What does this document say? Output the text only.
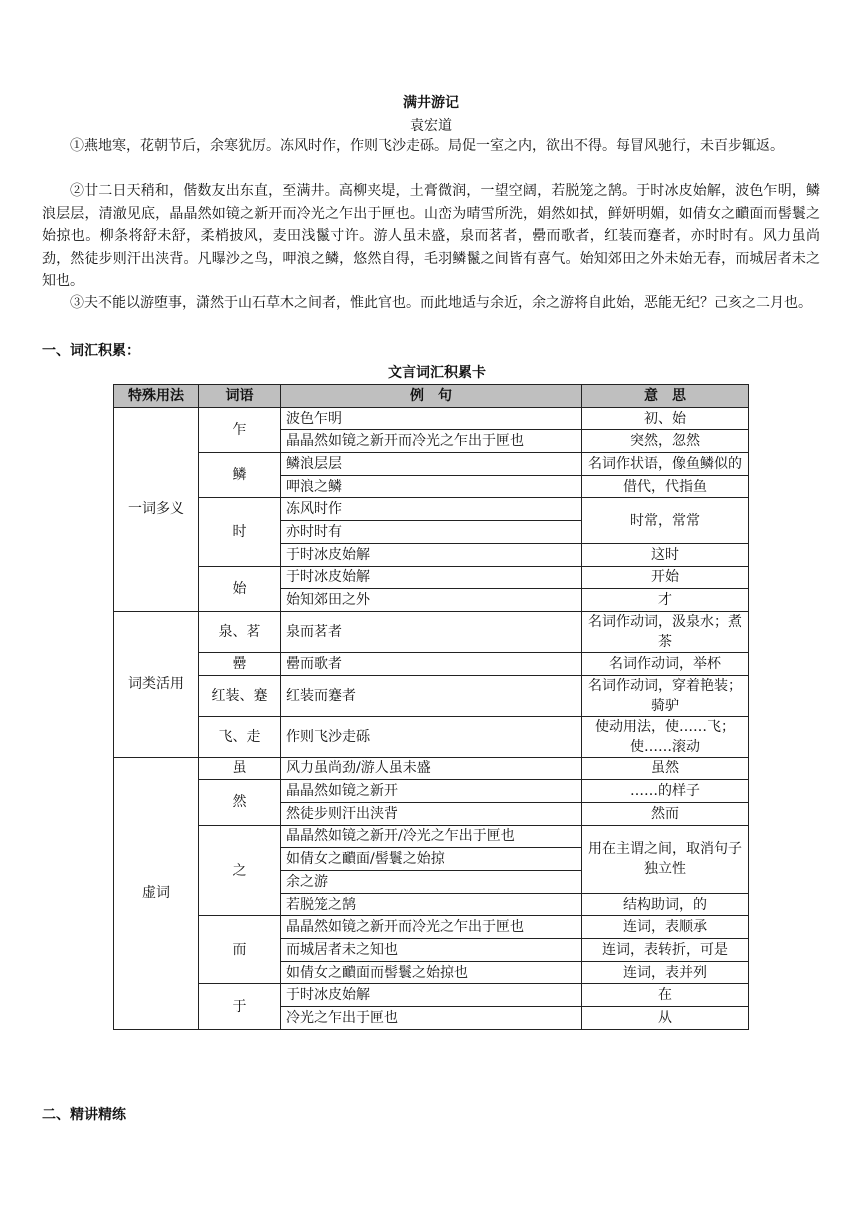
满井游记
袁宏道

①燕地寒，花朝节后，余寒犹厉。冻风时作，作则飞沙走砾。局促一室之内，欲出不得。每冒风驰行，未百步辄返。

②廿二日天稍和，偕数友出东直，至满井。高柳夹堤，土膏微润，一望空阔，若脱笼之鹄。于时冰皮始解，波色乍明，鳞浪层层，清澈见底，晶晶然如镜之新开而冷光之乍出于匣也。山峦为晴雪所洗，娟然如拭，鲜妍明媚，如倩女之靧面而髻鬟之始掠也。柳条将舒未舒，柔梢披风，麦田浅鬣寸许。游人虽未盛，泉而茗者，罍而歌者，红装而蹇者，亦时时有。风力虽尚劲，然徒步则汗出浃背。凡曝沙之鸟，呷浪之鳞，悠然自得，毛羽鳞鬣之间皆有喜气。始知郊田之外未始无春，而城居者未之知也。

③夫不能以游堕事，潇然于山石草木之间者，惟此官也。而此地适与余近，余之游将自此始，恶能无纪？己亥之二月也。

一、词汇积累：
文言词汇积累卡
特殊用法	词语	例　句	意　思
一词多义	乍	波色乍明	初、始
		晶晶然如镜之新开而冷光之乍出于匣也	突然，忽然
	鳞	鳞浪层层	名词作状语，像鱼鳞似的
		呷浪之鳞	借代，代指鱼
	时	冻风时作	时常，常常
		亦时时有	
		于时冰皮始解	这时
	始	于时冰皮始解	开始
		始知郊田之外	才
词类活用	泉、茗	泉而茗者	名词作动词，汲泉水；煮茶
	罍	罍而歌者	名词作动词，举杯
	红装、蹇	红装而蹇者	名词作动词，穿着艳装；骑驴
	飞、走	作则飞沙走砾	使动用法，使……飞；使……滚动
虚词	虽	风力虽尚劲/游人虽未盛	虽然
	然	晶晶然如镜之新开	……的样子
		然徒步则汗出浃背	然而
	之	晶晶然如镜之新开/冷光之乍出于匣也	用在主谓之间，取消句子独立性
		如倩女之靧面/髻鬟之始掠	
		余之游	
		若脱笼之鹄	结构助词，的
	而	晶晶然如镜之新开而冷光之乍出于匣也	连词，表顺承
		而城居者未之知也	连词，表转折，可是
		如倩女之靧面而髻鬟之始掠也	连词，表并列
	于	于时冰皮始解	在
		冷光之乍出于匣也	从
二、精讲精练
